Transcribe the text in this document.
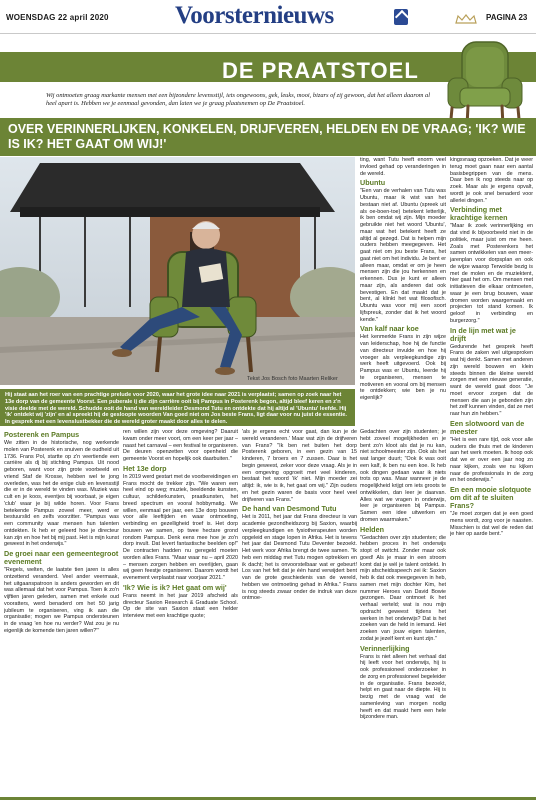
WOENSDAG 22 april 2020	Voorsternieuws	PAGINA 23
DE PRAATSTOEL
Wij ontmoeten graag markante mensen met een bijzondere levensstijl, iets ongewoons, gek, leuks, mooi, bizars of zij gewoon, dat het alleen daarom al heel apart is. Hebben we je eenmaal gevonden, dan laten we je graag plaatsnemen op De Praatstoel.
OVER VERINNERLIJKEN, KONKELEN, DRIJFVEREN, HELDEN EN DE VRAAG; 'IK? WIE IS IK? HET GAAT OM WIJ!'
Tekst Jos Bosch foto Maarten Reliker
Hij staat aan het roer van een prachtige prelude voor 2020, waar het grote idee naar 2021 is verplaatst; samen op zoek naar het 13e dorp van de gemeente Voorst. Een puberale ij die zijn carrière ooit bij Pampus in Posterenk begon, altijd bleef keren en z'n visie deelde met de wereld. Schudde ooit de hand van wereldleider Desmond Tutu en ontdekte dat hij altijd al 'Ubuntu' leefde. Hij 'ik' ontdekt wij 'zijn' en al spreekt hij de gesloopte woorden Van goed niet om Jos beste Frans, ligt daar voor nu juist de essentie. In gesprek met een levenslustbekker die de wereld groter maakt door alles te delen.
Posterenk en Pampus

We zitten in de historische, nog werkende molen van Posterenk en snuiven de oudheid uit 1736. Frans Pol, startte op z'n veertiende een carrière als dj bij stichting Pampus. Uit nood geboren, want voor zijn grote voorbeeld en vriend Staf de Krosse, hebben wel te jong overleden, was het de enige club en levensstijl die er in de wereld te vinden was. Muziek was cult en je koos, eventjes bij voorbaat, je eigen 'club' waar je bij wilde horen. Voor Frans betekende Pampus zoveel meer, werd er bestuurslid en zelfs voorzitter. "Pampus was een community waar mensen hun talenten ontdekten. Ik heb er geleerd hoe je directeur kan zijn en hoe het bij mij past. Het is mijn kunst geweest in het onderwijs."

De groei naar een gemeentegroot evenement

"Regels, welten, de laatste tien jaren is alles ontzettend veranderd. Veel ander veermaak, het uitgaanspatroon is anders geworden en dit was allemaal dat het voor Pampus. Toen ik zo'n vijftien jaren geleden, samen met enkele oud vooratters, werd benaderd om het 50 jarig jubileum te organiseren, ving ik aan die organisatie; mogen we Pampus ondersteunen in de vraag 'en hoe nu verder? Wat zou je nu eigenlijk de komende tien jaren willen?'"

ren willen zijn voor deze omgeving? Daaruit kwam onder meer voort, om een keer per jaar – naast het carnaval – een festival te organiseren. De deuren openzetten voor openheid die gemeente Voorst en hopelijk ook daarbuiten."

Het 13e dorp

In 2019 werd gestart met de voorbereidingen en Frans mocht de trekker zijn. "We waren een heel eind op weg; muziek, beeldende kunsten, cultuur, schilderkunsten, praatkunsten, het breed spectrum en vooral hobbymatig. We willen, eenmaal per jaar, een 13e dorp bouwen voor alle leeftijden en waar ontmoeting, verbinding en gezelligheid troef is. Het dorp bouwen we samen, op twee hectare grond rondom Pampus. Denk eens mee hoe je zo'n dorp invult. Dat levert fantastische beelden op!" De contracten hadden nu geregeld moeten worden alles Frans. "Maar waar nu – april 2020 – mensen zorgen hebben en overlijden, gaan wij geen feestje organiseren. Daarom wordt het evenement verplaatst naar voorjaar 2021."

'Ik? Wie is ik? Het gaat om wij'

Frans neemt in het jaar 2019 afscheid als directeur Saxion Research & Graduate School. Op de site van Saxion staat een helder interview met een krachtige quote;

'als je ergens echt voor gaat, dan kun je de wereld veranderen.' Maar wat zijn de drijfveren van Frans? "Ik ben net buiten het dorp Posterenk geboren, in een gezin van 15 kinderen, 7 broers en 7 zussen. Daar is het begin geweest, zeker voor deze vraag. Als je in een omgeving opgroeit met veel kinderen, bestaat het woord 'ik' niet. Mijn moeder zei altijd: ik, wie is ik, het gaat om wij." Zijn ouders en het gezin waren de basis voor heel veel drijfveren van Frans."

De hand van Desmond Tutu

Het is 2011, het jaar dat Frans directeur is van academie gezondheidszorg bij Saxion, waarbij verpleegkundigen en fysiotherapeuten worden opgeleid en stage lopen in Afrika. Het is tevens het jaar dat Desmond Tutu Deventer bezoekt. Het werk voor Afrika brengt de twee samen. "Ik heb een middag met Tutu mogen optrekken en ik dacht; het is onvoorstelbaar wat er gebeurt! Los van het feit dat je één hand verwijdert bent van de grote geschiedenis van de wereld, hebben we ontmoeting gehad in Afrika." Frans is nog steeds zwaar onder de indruk van deze ontmoe-

ting, want Tutu heeft enorm veel invloed gehad op veranderingen in de wereld.

Ubuntu

"Een van de verhalen van Tutu was Ubuntu, maar ik wist van het bestaan niet af. Ubuntu (spreek uit als oe-boen-toe) betekent letterlijk, ik ben omdat wij zijn. Mijn moeder gebruikte niet het woord 'Ubuntu', maar wat het betekent heeft ze altijd al gezegd. Dat is helpen mijn ouders hebben meegegeven. Het gaat niet om jou beste Frans, het gaat niet om het individu. Je bent er alleen maar, omdat er om je heen mensen zijn die jou herkennen en erkennen. Dus je kunt er alleen maar zijn, als anderen dat ook bevestigen. En dat maakt dat je bent, al klinkt het wat filosofisch. Ubuntu was voor mij een soort lijfspreuk, zonder dat ik het woord kende."

Van kalf naar koe

Het kenmerkte Frans in zijn wijze van leiderschap, hoe hij de functie van directeur invulde en hoe hij vroeger als verpleegkundige zijn werk heeft uitgevoerd. Ook bij Pampus was er Ubuntu, leerde hij te organiseren, mensen te motiveren en vooral om bij mensen te ontdekken; wie ben je nu eigenlijk?

Gedachten over zijn studenten; je hebt zoveel mogelijkheden en je bent zo'n kloot als dat je nu kan, niet schoolmeester zijn. Ook als het wat langer duurt; "Ook ik was ooit een kalf, ik ben nu een koe. Ik heb ook dingen gedaan waar ik niets trots op was. Maar wanneer je de mogelijkheid krijgt om iets groots te ontwikkelen, dan leer je daarvan. Alles wat we vragen in onderwijs, leer je organiseren bij Pampus. Samen een idee uitwerken en dromen waarmaken."

Helden

"Gedachten over zijn studenten; die hebben proces in het onderwijs stopt of switcht. Zonder maar ook goed! Als je maar in een stroom komt dat je wél je talent ontdekt. In mijn afscheidsspeech zei ik: Saxion heb ik dat ook meegegeven in heb, samen met mijn dochter Kim, het nummer Heroes van David Bowie gezongen. Daar ontmoet ik het verhaal verteld; wat is nou mijn opdracht geweest tijdens het werken in het onderwijs? Dat is het zoeken van de held in iemand. Het zoeken van jouw eigen talenten, zodat je jezelf kent en kunt zijn."

Verinnerlijking

Frans is niet alleen het verhaal dat hij leeft voor het onderwijs, hij is ook professioneel onderzoeker in de zorg en professioneel begeleider in de organisatie. Frans bezoekt, helpt en gaat naar de diepte. Hij is bezig met de vraag wat de samenleving van morgen nodig heeft en dat maakt hem een hele bijzondere man.

kingsvraag opzoeken. Dat je weer terug moet gaan naar een aantal basisbegrippen van de mens. Daar ben ik nog steeds naar op zoek. Maar als je ergens opvalt, wordt je ook snel benaderd voor allerlei dingen."

Verbinding met krachtige kernen

"Maar ik zoek verinnerlijking en dat vind ik bijvoorbeeld niet in de politiek, maar juist om me heen. Zoals met Posterenkers het samen ontwikkelen van een meer-jarenplan voor dorpsplan en ook de wijze waarop Terwolde bezig is met de molen en de muziektent, hier gaat het om. Om mensen met initiatieven die elkaar ontmoeten, waar je een brug bouwen, waar dromen worden waargemaakt en projecten tot stand komen. Ik geloof in verbinding en burgerzorg."

In de lijn met wat je drijft

Gedurende het gesprek heeft Frans de zaken wel uitgesproken wat hij denkt. Samen met anderen zijn wereld bouwen en klein steeds binnen die kleine wereld zorgen met een nieuwe generatie, want de wereld gaat door. "Je moet ervoor zorgen dat de mensen die aan je gebonden zijn het zelf kunnen vinden, dat ze met raar hun zin hebben."

Een slotwoord van de meester

"Het is een rare tijd, ook voor alle ouders die thuis met de kinderen aan het werk moeten. Ik hoop ook dat we er over een jaar nog zo naar kijken, zoals we nu kijken naar de professionals in de zorg en het onderwijs."

En een mooie slotquote om dit af te sluiten Frans?

"Je moet zorgen dat je een goed mens wordt, zorg voor je naasten. Misschien is dat wel de reden dat je hier op aarde bent."
